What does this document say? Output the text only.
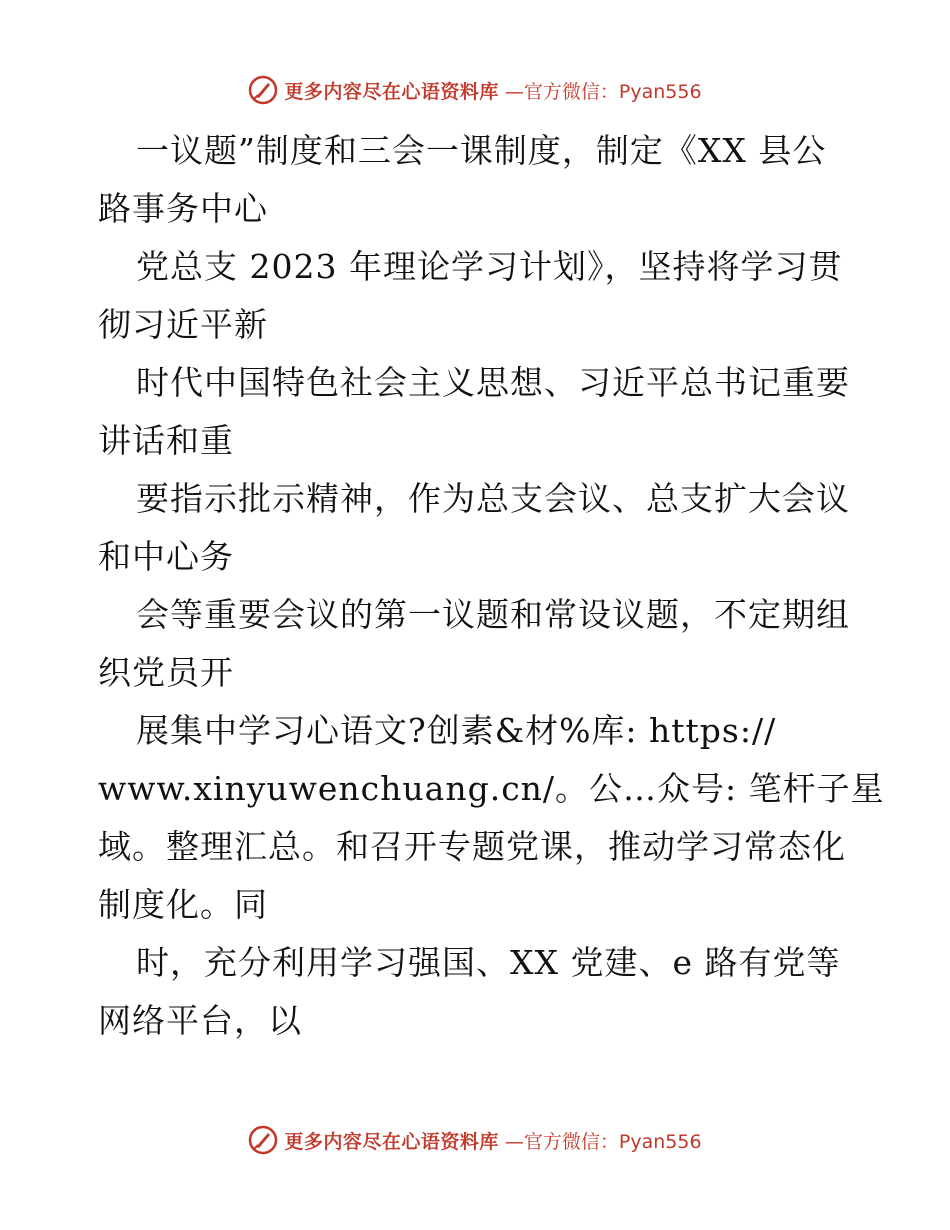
更多内容尽在心语资料库 —官方微信：Pyan556
一议题”制度和三会一课制度，制定《XX 县公
路事务中心
党总支 2023 年理论学习计划》，坚持将学习贯
彻习近平新
时代中国特色社会主义思想、习近平总书记重要
讲话和重
要指示批示精神，作为总支会议、总支扩大会议
和中心务
会等重要会议的第一议题和常设议题，不定期组
织党员开
展集中学习心语文?创素&材%库: https://
www.xinyuwenchuang.cn/。公…众号: 笔杆子星
域。整理汇总。和召开专题党课，推动学习常态化
制度化。同
时，充分利用学习强国、XX 党建、e 路有党等
网络平台，以
更多内容尽在心语资料库 —官方微信：Pyan556
